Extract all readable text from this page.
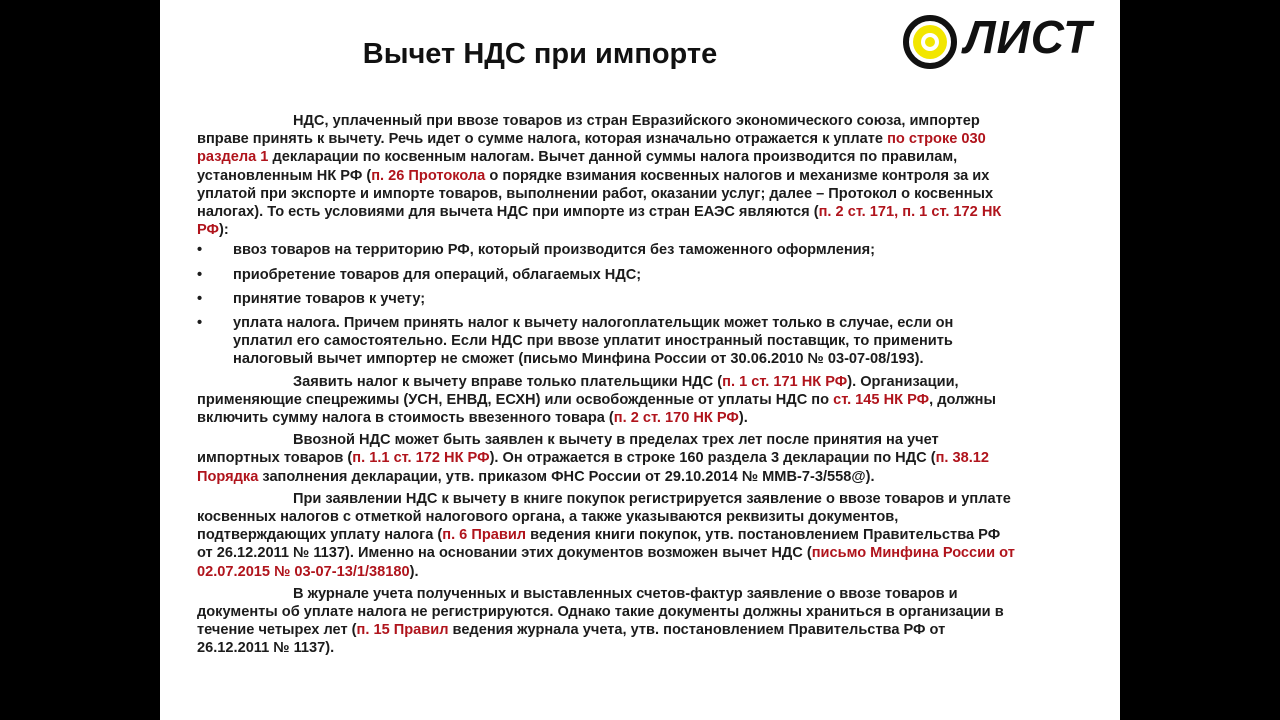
Вычет НДС при импорте	ЛИСТ

НДС, уплаченный при ввозе товаров из стран Евразийского экономического союза, импортер вправе принять к вычету. Речь идет о сумме налога, которая изначально отражается к уплате по строке 030 раздела 1 декларации по косвенным налогам. Вычет данной суммы налога производится по правилам, установленным НК РФ (п. 26 Протокола о порядке взимания косвенных налогов и механизме контроля за их уплатой при экспорте и импорте товаров, выполнении работ, оказании услуг; далее – Протокол о косвенных налогах). То есть условиями для вычета НДС при импорте из стран ЕАЭС являются (п. 2 ст. 171, п. 1 ст. 172 НК РФ):

• ввоз товаров на территорию РФ, который производится без таможенного оформления;
• приобретение товаров для операций, облагаемых НДС;
• принятие товаров к учету;
• уплата налога. Причем принять налог к вычету налогоплательщик может только в случае, если он уплатил его самостоятельно. Если НДС при ввозе уплатит иностранный поставщик, то применить налоговый вычет импортер не сможет (письмо Минфина России от 30.06.2010 № 03-07-08/193).

Заявить налог к вычету вправе только плательщики НДС (п. 1 ст. 171 НК РФ). Организации, применяющие спецрежимы (УСН, ЕНВД, ЕСХН) или освобожденные от уплаты НДС по ст. 145 НК РФ, должны включить сумму налога в стоимость ввезенного товара (п. 2 ст. 170 НК РФ).

Ввозной НДС может быть заявлен к вычету в пределах трех лет после принятия на учет импортных товаров (п. 1.1 ст. 172 НК РФ). Он отражается в строке 160 раздела 3 декларации по НДС (п. 38.12 Порядка заполнения декларации, утв. приказом ФНС России от 29.10.2014 № ММВ-7-3/558@).

При заявлении НДС к вычету в книге покупок регистрируется заявление о ввозе товаров и уплате косвенных налогов с отметкой налогового органа, а также указываются реквизиты документов, подтверждающих уплату налога (п. 6 Правил ведения книги покупок, утв. постановлением Правительства РФ от 26.12.2011 № 1137). Именно на основании этих документов возможен вычет НДС (письмо Минфина России от 02.07.2015 № 03-07-13/1/38180).

В журнале учета полученных и выставленных счетов-фактур заявление о ввозе товаров и документы об уплате налога не регистрируются. Однако такие документы должны храниться в организации в течение четырех лет (п. 15 Правил ведения журнала учета, утв. постановлением Правительства РФ от 26.12.2011 № 1137).
